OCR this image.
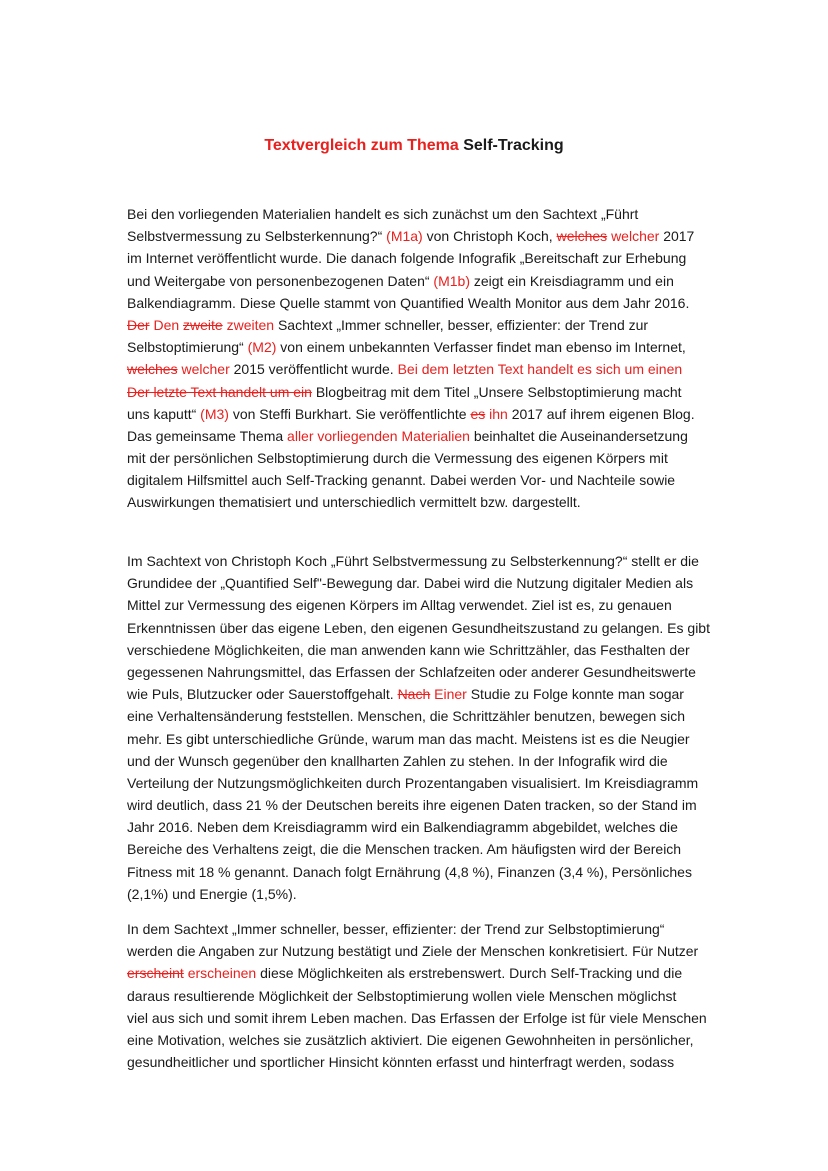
Textvergleich zum Thema Self-Tracking
Bei den vorliegenden Materialien handelt es sich zunächst um den Sachtext „Führt
Selbstvermessung zu Selbsterkennung?“ (M1a) von Christoph Koch, welches welcher 2017
im Internet veröffentlicht wurde. Die danach folgende Infografik „Bereitschaft zur Erhebung
und Weitergabe von personenbezogenen Daten“ (M1b) zeigt ein Kreisdiagramm und ein
Balkendiagramm. Diese Quelle stammt von Quantified Wealth Monitor aus dem Jahr 2016.
Der Den zweite zweiten Sachtext „Immer schneller, besser, effizienter: der Trend zur
Selbstoptimierung“ (M2) von einem unbekannten Verfasser findet man ebenso im Internet,
welches welcher 2015 veröffentlicht wurde. Bei dem letzten Text handelt es sich um einen
Der letzte Text handelt um ein Blogbeitrag mit dem Titel „Unsere Selbstoptimierung macht
uns kaputt“ (M3) von Steffi Burkhart. Sie veröffentlichte es ihn 2017 auf ihrem eigenen Blog.
Das gemeinsame Thema aller vorliegenden Materialien beinhaltet die Auseinandersetzung
mit der persönlichen Selbstoptimierung durch die Vermessung des eigenen Körpers mit
digitalem Hilfsmittel auch Self-Tracking genannt. Dabei werden Vor- und Nachteile sowie
Auswirkungen thematisiert und unterschiedlich vermittelt bzw. dargestellt.
Im Sachtext von Christoph Koch „Führt Selbstvermessung zu Selbsterkennung?“ stellt er die
Grundidee der „Quantified Self"-Bewegung dar. Dabei wird die Nutzung digitaler Medien als
Mittel zur Vermessung des eigenen Körpers im Alltag verwendet. Ziel ist es, zu genauen
Erkenntnissen über das eigene Leben, den eigenen Gesundheitszustand zu gelangen. Es gibt
verschiedene Möglichkeiten, die man anwenden kann wie Schrittzähler, das Festhalten der
gegessenen Nahrungsmittel, das Erfassen der Schlafzeiten oder anderer Gesundheitswerte
wie Puls, Blutzucker oder Sauerstoffgehalt. Nach Einer Studie zu Folge konnte man sogar
eine Verhaltensänderung feststellen. Menschen, die Schrittzähler benutzen, bewegen sich
mehr. Es gibt unterschiedliche Gründe, warum man das macht. Meistens ist es die Neugier
und der Wunsch gegenüber den knallharten Zahlen zu stehen. In der Infografik wird die
Verteilung der Nutzungsmöglichkeiten durch Prozentangaben visualisiert. Im Kreisdiagramm
wird deutlich, dass 21 % der Deutschen bereits ihre eigenen Daten tracken, so der Stand im
Jahr 2016. Neben dem Kreisdiagramm wird ein Balkendiagramm abgebildet, welches die
Bereiche des Verhaltens zeigt, die die Menschen tracken. Am häufigsten wird der Bereich
Fitness mit 18 % genannt. Danach folgt Ernährung (4,8 %), Finanzen (3,4 %), Persönliches
(2,1%) und Energie (1,5%).
In dem Sachtext „Immer schneller, besser, effizienter: der Trend zur Selbstoptimierung“
werden die Angaben zur Nutzung bestätigt und Ziele der Menschen konkretisiert. Für Nutzer
erscheint erscheinen diese Möglichkeiten als erstrebenswert. Durch Self-Tracking und die
daraus resultierende Möglichkeit der Selbstoptimierung wollen viele Menschen möglichst
viel aus sich und somit ihrem Leben machen. Das Erfassen der Erfolge ist für viele Menschen
eine Motivation, welches sie zusätzlich aktiviert. Die eigenen Gewohnheiten in persönlicher,
gesundheitlicher und sportlicher Hinsicht könnten erfasst und hinterfragt werden, sodass
